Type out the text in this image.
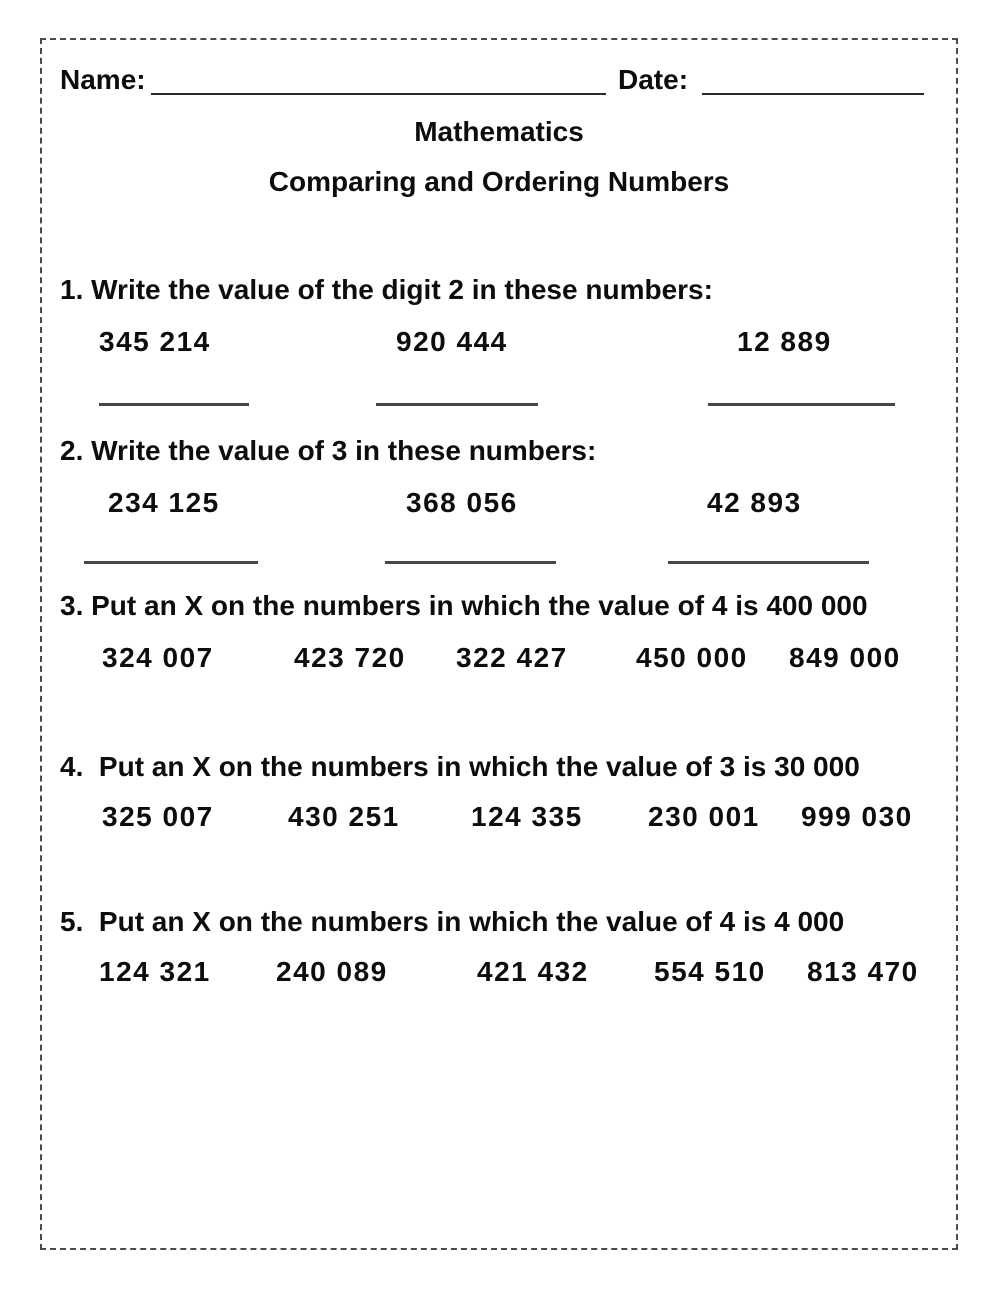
Name:	Date:
Mathematics
Comparing and Ordering Numbers
1. Write the value of the digit 2 in these numbers:
345 214	920 444	12 889
2. Write the value of 3 in these numbers:
234 125	368 056	42 893
3. Put an X on the numbers in which the value of 4 is 400 000
324 007	423 720 322 427 450 000 849 000
4.  Put an X on the numbers in which the value of 3 is 30 000
325 007	430 251	124 335 230 001 999 030
5.  Put an X on the numbers in which the value of 4 is 4 000
124 321 240 089	421 432 554 510 813 470
